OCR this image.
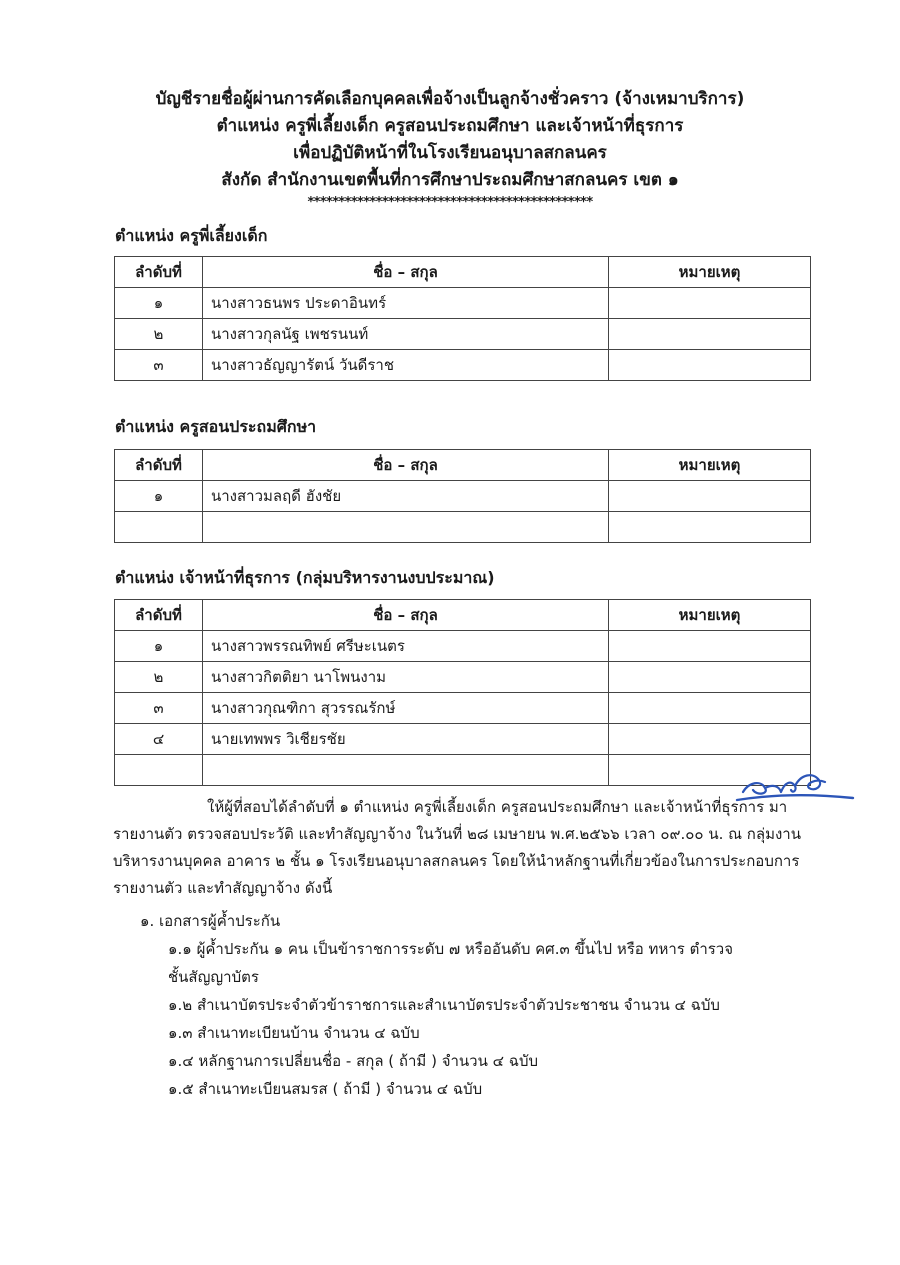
บัญชีรายชื่อผู้ผ่านการคัดเลือกบุคคลเพื่อจ้างเป็นลูกจ้างชั่วคราว (จ้างเหมาบริการ)
ตำแหน่ง ครูพี่เลี้ยงเด็ก ครูสอนประถมศึกษา และเจ้าหน้าที่ธุรการ
เพื่อปฏิบัติหน้าที่ในโรงเรียนอนุบาลสกลนคร
สังกัด สำนักงานเขตพื้นที่การศึกษาประถมศึกษาสกลนคร เขต ๑
**********************************************
ตำแหน่ง ครูพี่เลี้ยงเด็ก
ลำดับที่	ชื่อ – สกุล	หมายเหตุ
๑	นางสาวธนพร ประดาอินทร์	
๒	นางสาวกุลนัฐ เพชรนนท์	
๓	นางสาวธัญญารัตน์ วันดีราช	
ตำแหน่ง ครูสอนประถมศึกษา
ลำดับที่	ชื่อ – สกุล	หมายเหตุ
๑	นางสาวมลฤดี ฮังชัย	

ตำแหน่ง เจ้าหน้าที่ธุรการ (กลุ่มบริหารงานงบประมาณ)
ลำดับที่	ชื่อ – สกุล	หมายเหตุ
๑	นางสาวพรรณทิพย์ ศรีษะเนตร	
๒	นางสาวกิตติยา นาโพนงาม	
๓	นางสาวกุณฑิกา สุวรรณรักษ์	
๔	นายเทพพร วิเชียรชัย	

ให้ผู้ที่สอบได้ลำดับที่ ๑ ตำแหน่ง ครูพี่เลี้ยงเด็ก ครูสอนประถมศึกษา และเจ้าหน้าที่ธุรการ มารายงานตัว ตรวจสอบประวัติ และทำสัญญาจ้าง ในวันที่ ๒๘ เมษายน พ.ศ.๒๕๖๖ เวลา ๐๙.๐๐ น. ณ กลุ่มงานบริหารงานบุคคล อาคาร ๒ ชั้น ๑ โรงเรียนอนุบาลสกลนคร โดยให้นำหลักฐานที่เกี่ยวข้องในการประกอบการรายงานตัว และทำสัญญาจ้าง ดังนี้
๑. เอกสารผู้ค้ำประกัน
๑.๑ ผู้ค้ำประกัน ๑ คน เป็นข้าราชการระดับ ๗ หรืออันดับ คศ.๓ ขึ้นไป หรือ ทหาร ตำรวจ
ชั้นสัญญาบัตร
๑.๒ สำเนาบัตรประจำตัวข้าราชการและสำเนาบัตรประจำตัวประชาชน จำนวน ๔ ฉบับ
๑.๓ สำเนาทะเบียนบ้าน จำนวน ๔ ฉบับ
๑.๔ หลักฐานการเปลี่ยนชื่อ - สกุล ( ถ้ามี ) จำนวน ๔ ฉบับ
๑.๕ สำเนาทะเบียนสมรส ( ถ้ามี ) จำนวน ๔ ฉบับ
